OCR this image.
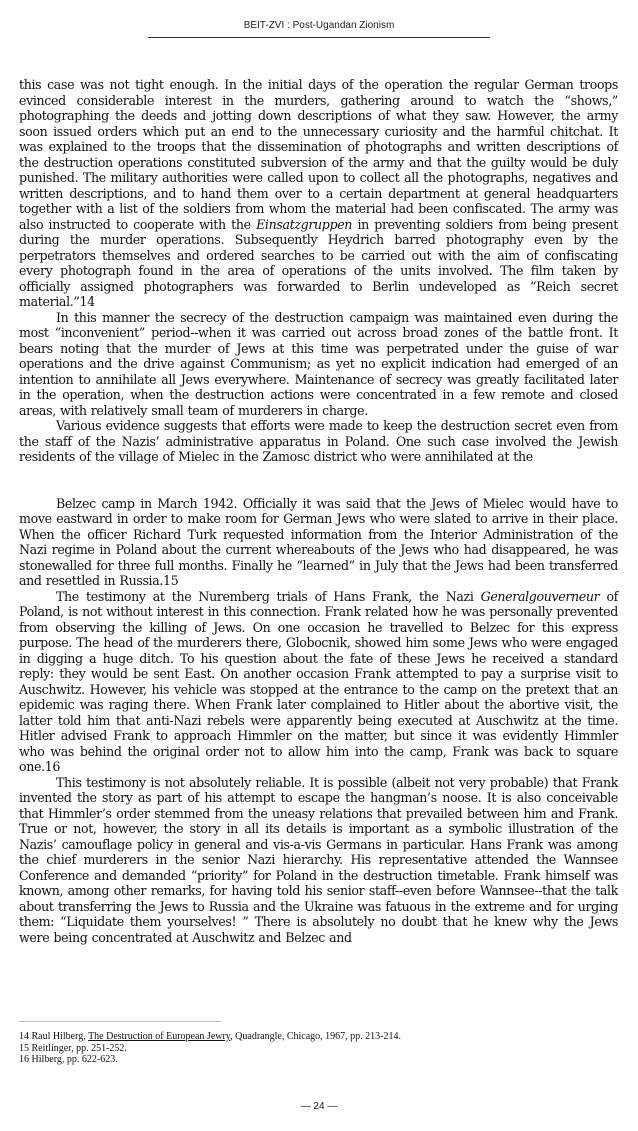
BEIT-ZVI : Post-Ugandan Zionism

this case was not tight enough. In the initial days of the operation the regular German troops evinced considerable interest in the murders, gathering around to watch the “shows,” photographing the deeds and jotting down descriptions of what they saw. However, the army soon issued orders which put an end to the unnecessary curiosity and the harmful chitchat. It was explained to the troops that the dissemination of photographs and written descriptions of the destruction operations constituted subversion of the army and that the guilty would be duly punished. The military authorities were called upon to collect all the photographs, negatives and written descriptions, and to hand them over to a certain department at general headquarters together with a list of the soldiers from whom the material had been confiscated. The army was also instructed to cooperate with the Einsatzgruppen in preventing soldiers from being present during the murder operations. Subsequently Heydrich barred photography even by the perpetrators themselves and ordered searches to be carried out with the aim of confiscating every photograph found in the area of operations of the units involved. The film taken by officially assigned photographers was forwarded to Berlin undeveloped as “Reich secret material.”14

In this manner the secrecy of the destruction campaign was maintained even during the most “inconvenient” period--when it was carried out across broad zones of the battle front. It bears noting that the murder of Jews at this time was perpetrated under the guise of war operations and the drive against Communism; as yet no explicit indication had emerged of an intention to annihilate all Jews everywhere. Maintenance of secrecy was greatly facilitated later in the operation, when the destruction actions were concentrated in a few remote and closed areas, with relatively small team of murderers in charge.

Various evidence suggests that efforts were made to keep the destruction secret even from the staff of the Nazis’ administrative apparatus in Poland. One such case involved the Jewish residents of the village of Mielec in the Zamosc district who were annihilated at the

Belzec camp in March 1942. Officially it was said that the Jews of Mielec would have to move eastward in order to make room for German Jews who were slated to arrive in their place. When the officer Richard Turk requested information from the Interior Administration of the Nazi regime in Poland about the current whereabouts of the Jews who had disappeared, he was stonewalled for three full months. Finally he “learned” in July that the Jews had been transferred and resettled in Russia.15

The testimony at the Nuremberg trials of Hans Frank, the Nazi Generalgouverneur of Poland, is not without interest in this connection. Frank related how he was personally prevented from observing the killing of Jews. On one occasion he travelled to Belzec for this express purpose. The head of the murderers there, Globocnik, showed him some Jews who were engaged in digging a huge ditch. To his question about the fate of these Jews he received a standard reply: they would be sent East. On another occasion Frank attempted to pay a surprise visit to Auschwitz. However, his vehicle was stopped at the entrance to the camp on the pretext that an epidemic was raging there. When Frank later complained to Hitler about the abortive visit, the latter told him that anti-Nazi rebels were apparently being executed at Auschwitz at the time. Hitler advised Frank to approach Himmler on the matter, but since it was evidently Himmler who was behind the original order not to allow him into the camp, Frank was back to square one.16

This testimony is not absolutely reliable. It is possible (albeit not very probable) that Frank invented the story as part of his attempt to escape the hangman’s noose. It is also conceivable that Himmler’s order stemmed from the uneasy relations that prevailed between him and Frank. True or not, however, the story in all its details is important as a symbolic illustration of the Nazis’ camouflage policy in general and vis-a-vis Germans in particular. Hans Frank was among the chief murderers in the senior Nazi hierarchy. His representative attended the Wannsee Conference and demanded “priority” for Poland in the destruction timetable. Frank himself was known, among other remarks, for having told his senior staff--even before Wannsee--that the talk about transferring the Jews to Russia and the Ukraine was fatuous in the extreme and for urging them: “Liquidate them yourselves! ” There is absolutely no doubt that he knew why the Jews were being concentrated at Auschwitz and Belzec and

14 Raul Hilberg, The Destruction of European Jewry, Quadrangle, Chicago, 1967, pp. 213-214.

15 Reitlinger, pp. 251-252.

16 Hilberg, pp. 622-623.

— 24 —
